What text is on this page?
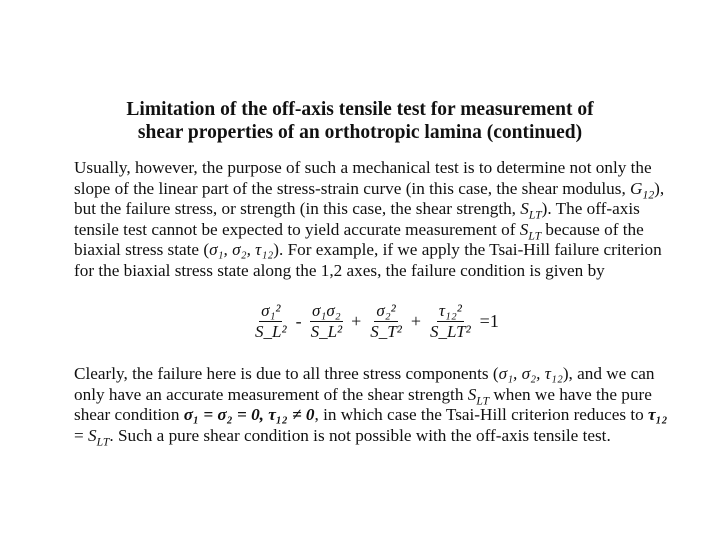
Limitation of the off-axis tensile test for measurement of
shear properties of an orthotropic lamina (continued)

Usually, however, the purpose of such a mechanical test is to determine not only the slope of the linear part of the stress-strain curve (in this case, the shear modulus, $G_{12}$), but the failure stress, or strength (in this case, the shear strength, $S_{LT}$). The off-axis tensile test cannot be expected to yield accurate measurement of $S_{LT}$ because of the biaxial stress state (σ₁, σ₂, τ₁₂). For example, if we apply the Tsai-Hill failure criterion for the biaxial stress state along the 1,2 axes, the failure condition is given by

$\frac{\text{σ₁²}}{\text{S\_L²}} - \frac{\text{σ₁σ₂}}{\text{S\_L²}} + \frac{\text{σ₂²}}{\text{S\_T²}} + \frac{\text{τ₁₂²}}{\text{S\_LT²}} =1$

Clearly, the failure here is due to all three stress components (σ₁, σ₂, τ₁₂), and we can only have an accurate measurement of the shear strength $S_{LT}$ when we have the pure shear condition σ₁ = σ₂ = 0, τ₁₂ ≠ 0, in which case the Tsai-Hill criterion reduces to $\tau_{12} = S_{LT}$. Such a pure shear condition is not possible with the off-axis tensile test.
